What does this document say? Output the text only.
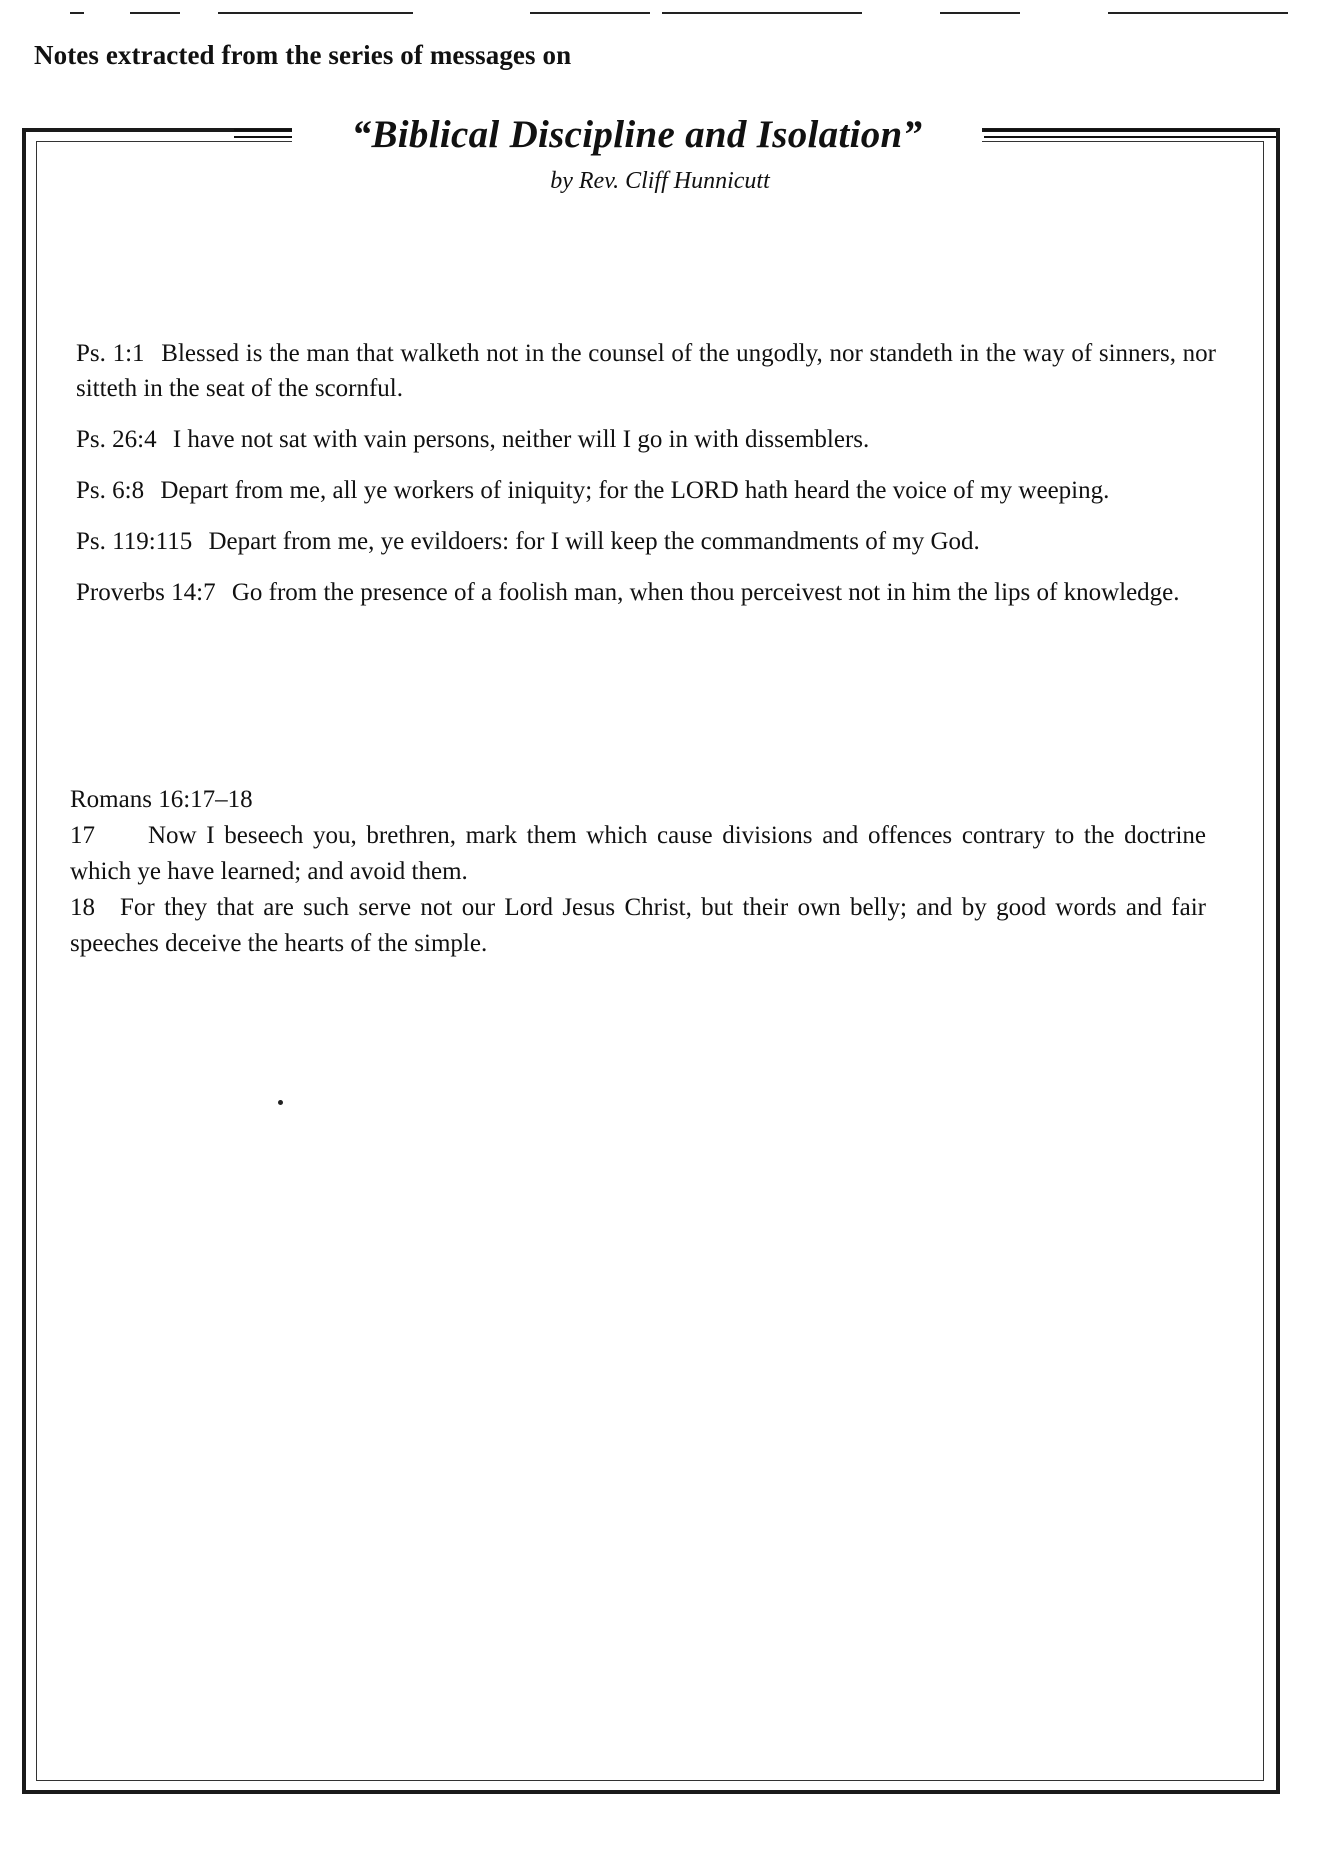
Notes extracted from the series of messages on
“Biblical Discipline and Isolation”
by Rev. Cliff Hunnicutt

Ps. 1:1 Blessed is the man that walketh not in the counsel of the ungodly, nor standeth in the way of sinners, nor sitteth in the seat of the scornful.

Ps. 26:4 I have not sat with vain persons, neither will I go in with dissemblers.

Ps. 6:8 Depart from me, all ye workers of iniquity; for the LORD hath heard the voice of my weeping.

Ps. 119:115 Depart from me, ye evildoers: for I will keep the commandments of my God.

Proverbs 14:7 Go from the presence of a foolish man, when thou perceivest not in him the lips of knowledge.

Romans 16:17–18

17 Now I beseech you, brethren, mark them which cause divisions and offences contrary to the doctrine which ye have learned; and avoid them.

18 For they that are such serve not our Lord Jesus Christ, but their own belly; and by good words and fair speeches deceive the hearts of the simple.
